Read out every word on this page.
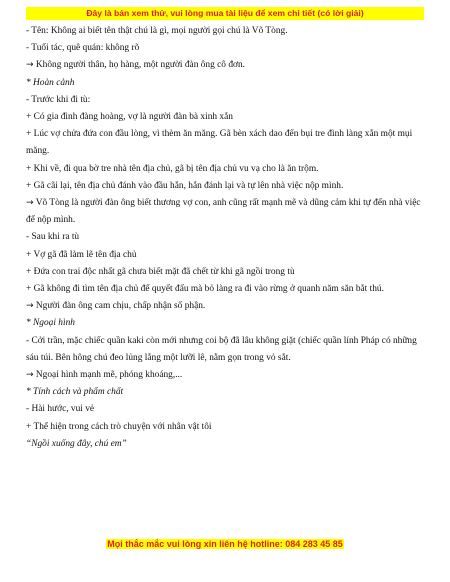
Đây là bản xem thử, vui lòng mua tài liệu để xem chi tiết (có lời giải)

- Tên: Không ai biết tên thật chú là gì, mọi người gọi chú là Võ Tòng.

- Tuổi tác, quê quán: không rõ

→ Không người thân, họ hàng, một người đàn ông cô đơn.

* Hoàn cảnh

- Trước khi đi tù:

+ Có gia đình đàng hoàng, vợ là người đàn bà xinh xắn

+ Lúc vợ chửa đứa con đầu lòng, vì thèm ăn măng. Gã bèn xách dao đến bụi tre đình làng xắn một mụi măng.

+ Khi về, đi qua bờ tre nhà tên địa chủ, gã bị tên địa chủ vu vạ cho là ăn trộm.

+ Gã cãi lại, tên địa chủ đánh vào đầu hắn, hắn đánh lại và tự lên nhà việc nộp mình.

→ Võ Tòng là người đàn ông biết thương vợ con, anh cũng rất mạnh mẽ và dũng cảm khi tự đến nhà việc để nộp mình.

- Sau khi ra tù

+ Vợ gã đã làm lẽ tên địa chủ

+ Đứa con trai độc nhất gã chưa biết mặt đã chết từ khi gã ngồi trong tù

+ Gã không đi tìm tên địa chủ để quyết đấu mà bỏ làng ra đi vào rừng ở quanh năm săn bắt thú.

→ Người đàn ông cam chịu, chấp nhận số phận.

* Ngoại hình

- Cởi trần, mặc chiếc quần kaki còn mới nhưng coi bộ đã lâu không giặt (chiếc quần lính Pháp có những sáu túi. Bên hông chú đeo lủng lẳng một lưỡi lê, nằm gọn trong vỏ sắt.

→ Ngoại hình mạnh mẽ, phóng khoáng,...

* Tính cách và phẩm chất

- Hài hước, vui vẻ

+ Thể hiện trong cách trò chuyện với nhân vật tôi

“Ngồi xuống đây, chú em”

Mọi thắc mắc vui lòng xin liên hệ hotline: 084 283 45 85
